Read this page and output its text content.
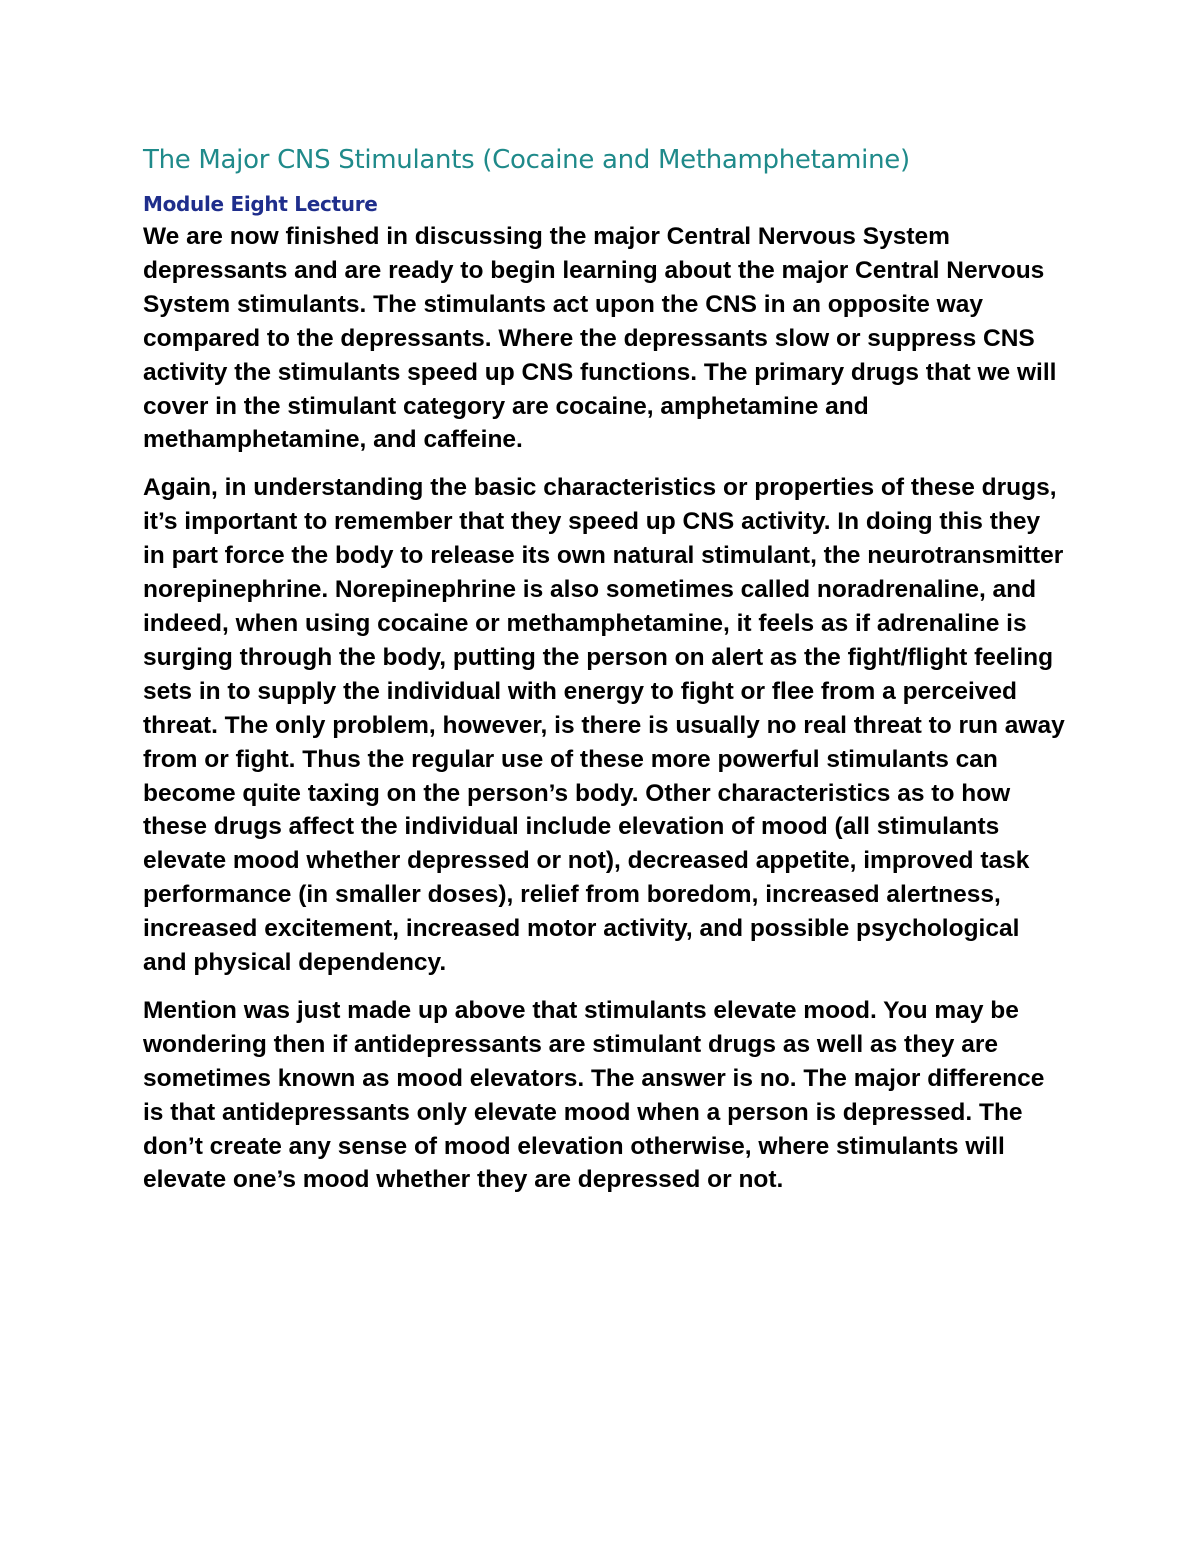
The Major CNS Stimulants (Cocaine and Methamphetamine)
Module Eight Lecture

We are now finished in discussing the major Central Nervous System depressants and are ready to begin learning about the major Central Nervous System stimulants. The stimulants act upon the CNS in an opposite way compared to the depressants. Where the depressants slow or suppress CNS activity the stimulants speed up CNS functions. The primary drugs that we will cover in the stimulant category are cocaine, amphetamine and methamphetamine, and caffeine.

Again, in understanding the basic characteristics or properties of these drugs, it’s important to remember that they speed up CNS activity. In doing this they in part force the body to release its own natural stimulant, the neurotransmitter norepinephrine. Norepinephrine is also sometimes called noradrenaline, and indeed, when using cocaine or methamphetamine, it feels as if adrenaline is surging through the body, putting the person on alert as the fight/flight feeling sets in to supply the individual with energy to fight or flee from a perceived threat. The only problem, however, is there is usually no real threat to run away from or fight. Thus the regular use of these more powerful stimulants can become quite taxing on the person’s body. Other characteristics as to how these drugs affect the individual include elevation of mood (all stimulants elevate mood whether depressed or not), decreased appetite, improved task performance (in smaller doses), relief from boredom, increased alertness, increased excitement, increased motor activity, and possible psychological and physical dependency.

Mention was just made up above that stimulants elevate mood. You may be wondering then if antidepressants are stimulant drugs as well as they are sometimes known as mood elevators. The answer is no. The major difference is that antidepressants only elevate mood when a person is depressed. The don’t create any sense of mood elevation otherwise, where stimulants will elevate one’s mood whether they are depressed or not.
